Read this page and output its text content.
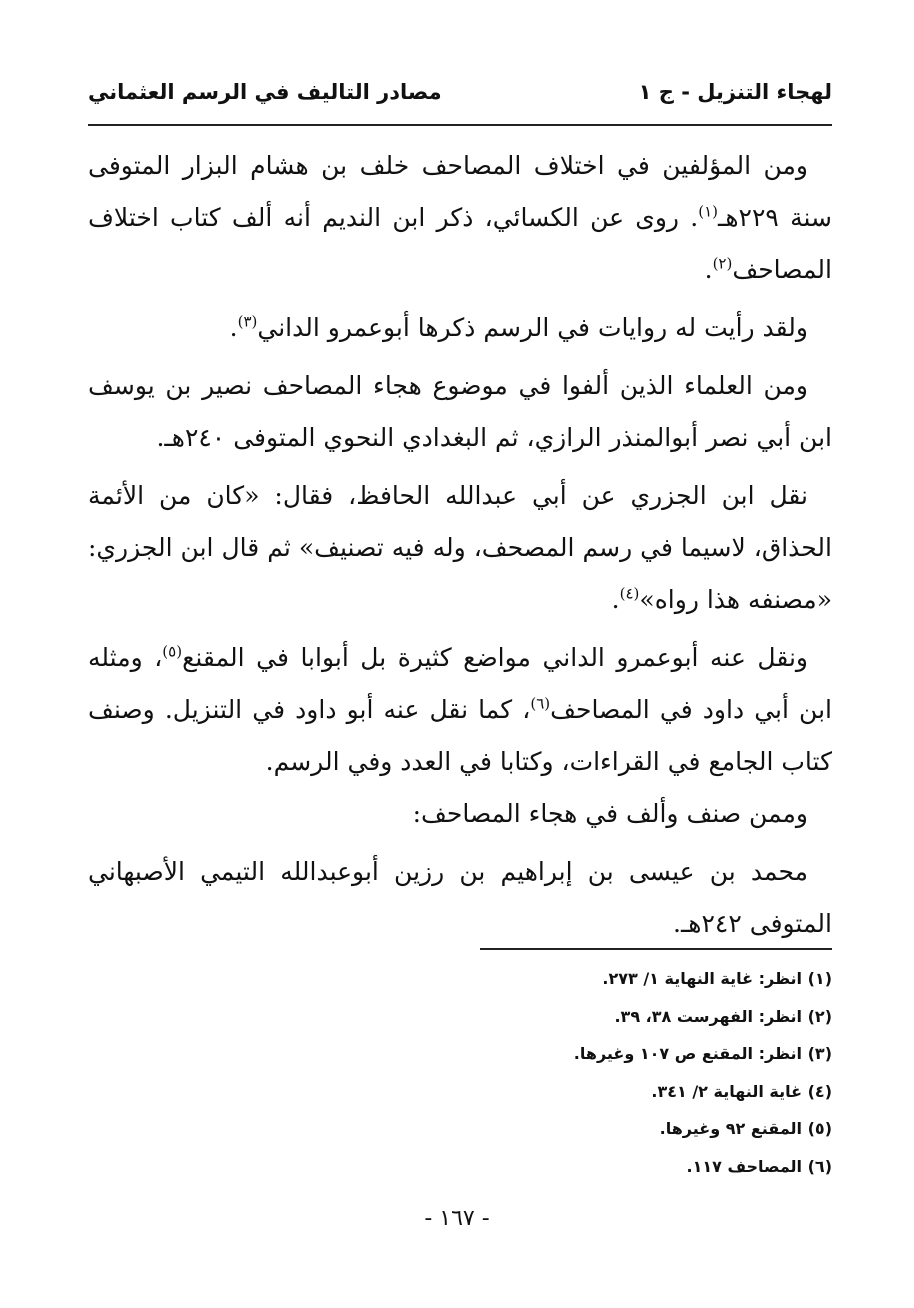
لهجاء التنزيل - ج ١
مصادر التاليف في الرسم العثماني

ومن المؤلفين في اختلاف المصاحف خلف بن هشام البزار المتوفى سنة ٢٢٩هـ$^{(١)}$. روى عن الكسائي، ذكر ابن النديم أنه ألف كتاب اختلاف المصاحف$^{(٢)}$.

ولقد رأيت له روايات في الرسم ذكرها أبوعمرو الداني$^{(٣)}$.

ومن العلماء الذين ألفوا في موضوع هجاء المصاحف نصير بن يوسف ابن أبي نصر أبوالمنذر الرازي، ثم البغدادي النحوي المتوفى ٢٤٠هـ.

نقل ابن الجزري عن أبي عبدالله الحافظ، فقال: «كان من الأئمة الحذاق، لاسيما في رسم المصحف، وله فيه تصنيف» ثم قال ابن الجزري: «مصنفه هذا رواه»$^{(٤)}$.

ونقل عنه أبوعمرو الداني مواضع كثيرة بل أبوابا في المقنع$^{(٥)}$، ومثله ابن أبي داود في المصاحف$^{(٦)}$، كما نقل عنه أبو داود في التنزيل. وصنف كتاب الجامع في القراءات، وكتابا في العدد وفي الرسم.

وممن صنف وألف في هجاء المصاحف:

محمد بن عيسى بن إبراهيم بن رزين أبوعبدالله التيمي الأصبهاني المتوفى ٢٤٢هـ.

(١) انظر: غاية النهاية ١/ ٢٧٣.
(٢) انظر: الفهرست ٣٨، ٣٩.
(٣) انظر: المقنع ص ١٠٧ وغيرها.
(٤) غاية النهاية ٢/ ٣٤١.
(٥) المقنع ٩٢ وغيرها.
(٦) المصاحف ١١٧.
- ١٦٧ -
